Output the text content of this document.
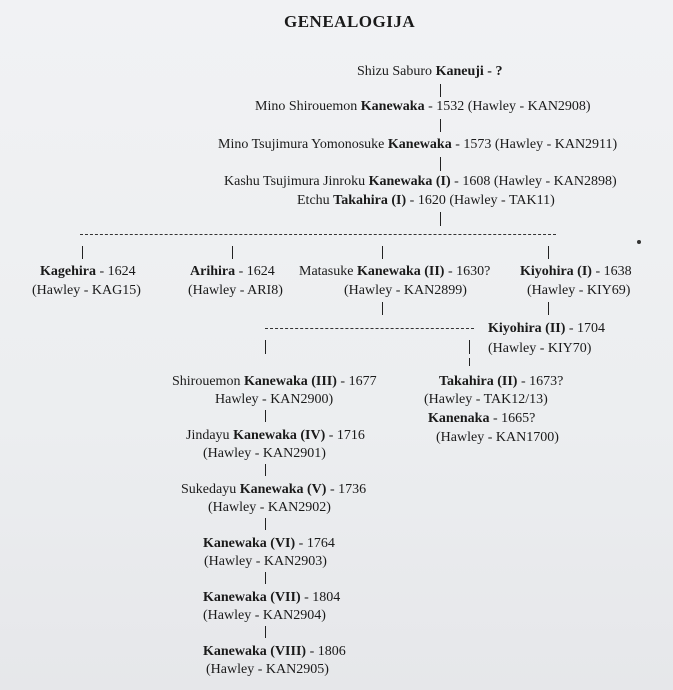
GENEALOGIJA
Shizu Saburo Kaneuji - ?
Mino Shirouemon Kanewaka - 1532 (Hawley - KAN2908)
Mino Tsujimura Yomonosuke Kanewaka - 1573 (Hawley - KAN2911)
Kashu Tsujimura Jinroku Kanewaka (I) - 1608 (Hawley - KAN2898)
Etchu Takahira (I) - 1620 (Hawley - TAK11)
Kagehira - 1624
(Hawley - KAG15)
Arihira - 1624
(Hawley - ARI8)
Matasuke Kanewaka (II) - 1630?
(Hawley - KAN2899)
Kiyohira (I) - 1638
(Hawley - KIY69)
Kiyohira (II) - 1704
(Hawley - KIY70)
Shirouemon Kanewaka (III) - 1677
Hawley - KAN2900)
Takahira (II) - 1673?
(Hawley - TAK12/13)
Kanenaka - 1665?
(Hawley - KAN1700)
Jindayu Kanewaka (IV) - 1716
(Hawley - KAN2901)
Sukedayu Kanewaka (V) - 1736
(Hawley - KAN2902)
Kanewaka (VI) - 1764
(Hawley - KAN2903)
Kanewaka (VII) - 1804
(Hawley - KAN2904)
Kanewaka (VIII) - 1806
(Hawley - KAN2905)
